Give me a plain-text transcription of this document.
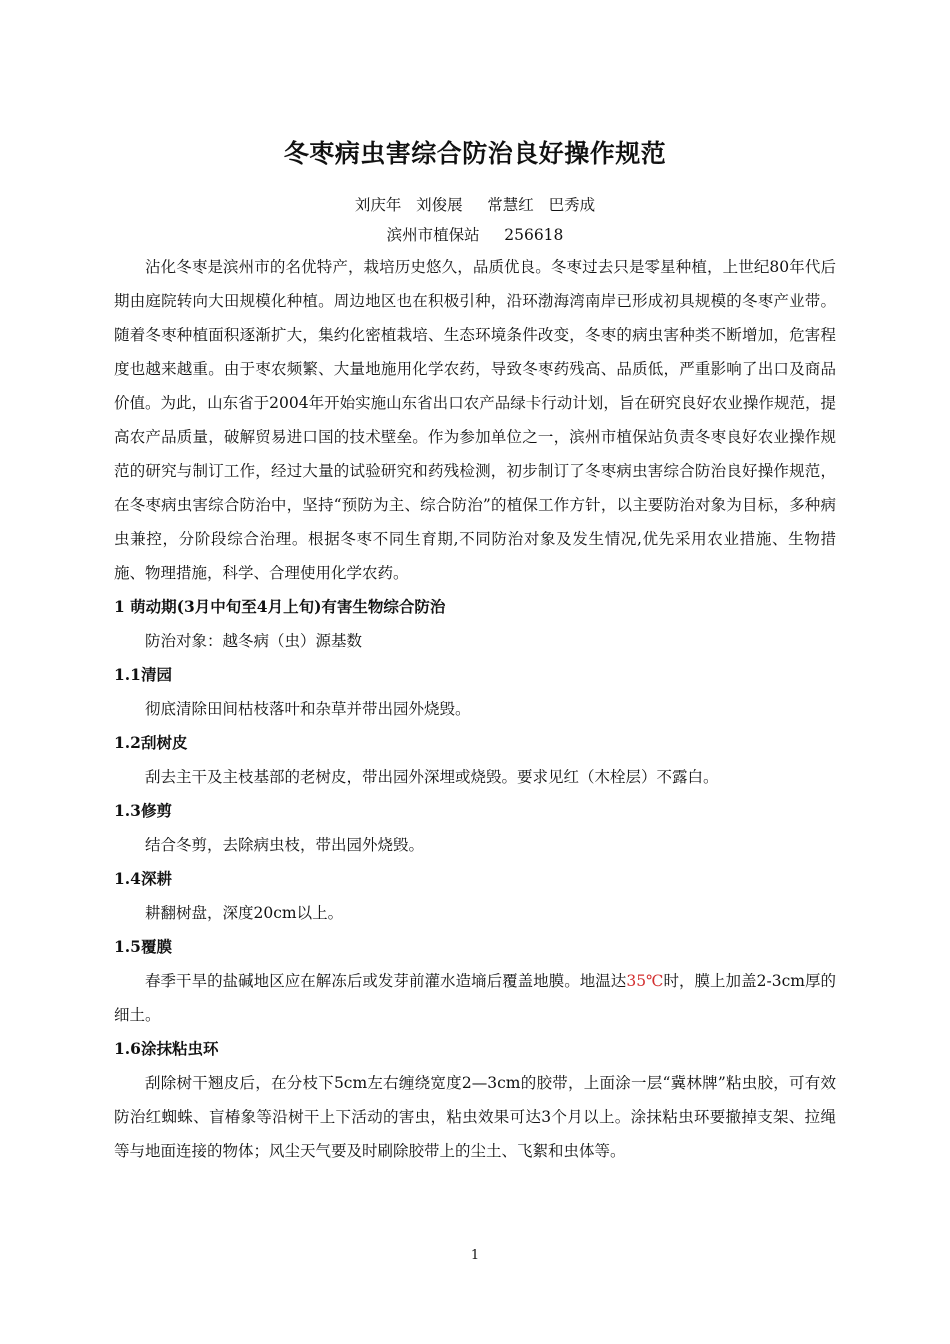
冬枣病虫害综合防治良好操作规范
刘庆年   刘俊展     常慧红   巴秀成
滨州市植保站     256618

沾化冬枣是滨州市的名优特产，栽培历史悠久，品质优良。冬枣过去只是零星种植，上世纪80年代后期由庭院转向大田规模化种植。周边地区也在积极引种，沿环渤海湾南岸已形成初具规模的冬枣产业带。随着冬枣种植面积逐渐扩大，集约化密植栽培、生态环境条件改变，冬枣的病虫害种类不断增加，危害程度也越来越重。由于枣农频繁、大量地施用化学农药，导致冬枣药残高、品质低，严重影响了出口及商品价值。为此，山东省于2004年开始实施山东省出口农产品绿卡行动计划，旨在研究良好农业操作规范，提高农产品质量，破解贸易进口国的技术壁垒。作为参加单位之一，滨州市植保站负责冬枣良好农业操作规范的研究与制订工作，经过大量的试验研究和药残检测，初步制订了冬枣病虫害综合防治良好操作规范，在冬枣病虫害综合防治中，坚持“预防为主、综合防治”的植保工作方针，以主要防治对象为目标，多种病虫兼控，分阶段综合治理。根据冬枣不同生育期,不同防治对象及发生情况,优先采用农业措施、生物措施、物理措施，科学、合理使用化学农药。

1 萌动期(3月中旬至4月上旬)有害生物综合防治

防治对象：越冬病（虫）源基数

1.1清园

彻底清除田间枯枝落叶和杂草并带出园外烧毁。

1.2刮树皮

刮去主干及主枝基部的老树皮，带出园外深埋或烧毁。要求见红（木栓层）不露白。

1.3修剪

结合冬剪，去除病虫枝，带出园外烧毁。

1.4深耕

耕翻树盘，深度20cm以上。

1.5覆膜

春季干旱的盐碱地区应在解冻后或发芽前灌水造墒后覆盖地膜。地温达35℃时，膜上加盖2-3cm厚的细土。

1.6涂抹粘虫环

刮除树干翘皮后，在分枝下5cm左右缠绕宽度2—3cm的胶带，上面涂一层“冀林牌”粘虫胶，可有效防治红蜘蛛、盲椿象等沿树干上下活动的害虫，粘虫效果可达3个月以上。涂抹粘虫环要撤掉支架、拉绳等与地面连接的物体；风尘天气要及时刷除胶带上的尘土、飞絮和虫体等。

1
